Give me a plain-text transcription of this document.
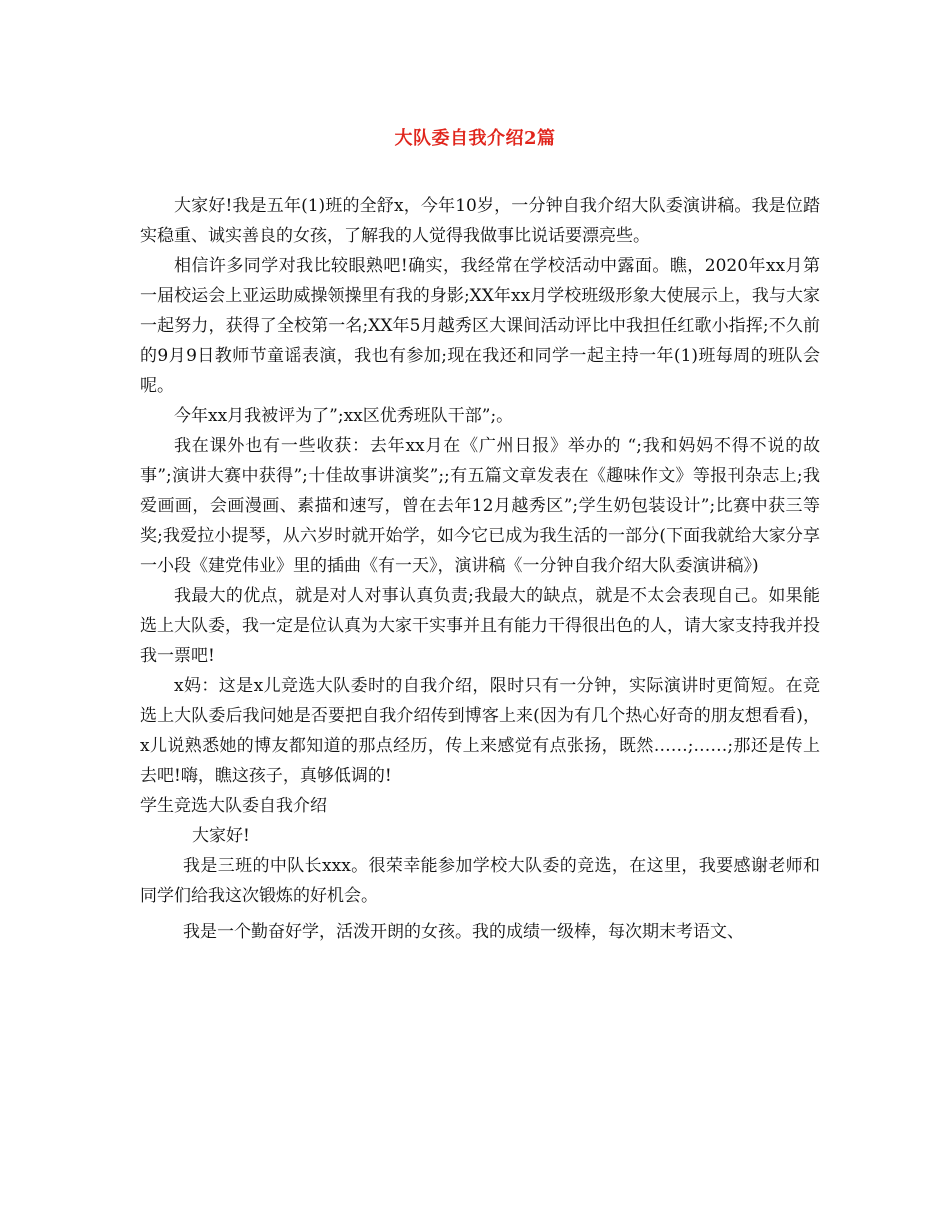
大队委自我介绍2篇

大家好!我是五年(1)班的全舒x，今年10岁，一分钟自我介绍大队委演讲稿。我是位踏实稳重、诚实善良的女孩，了解我的人觉得我做事比说话要漂亮些。

相信许多同学对我比较眼熟吧!确实，我经常在学校活动中露面。瞧，2020年xx月第一届校运会上亚运助威操领操里有我的身影;XX年xx月学校班级形象大使展示上，我与大家一起努力，获得了全校第一名;XX年5月越秀区大课间活动评比中我担任红歌小指挥;不久前的9月9日教师节童谣表演，我也有参加;现在我还和同学一起主持一年(1)班每周的班队会呢。

今年xx月我被评为了”;xx区优秀班队干部”;。

我在课外也有一些收获：去年xx月在《广州日报》举办的 “;我和妈妈不得不说的故事”;演讲大赛中获得”;十佳故事讲演奖”;;有五篇文章发表在《趣味作文》等报刊杂志上;我爱画画，会画漫画、素描和速写，曾在去年12月越秀区”;学生奶包装设计”;比赛中获三等奖;我爱拉小提琴，从六岁时就开始学，如今它已成为我生活的一部分(下面我就给大家分享一小段《建党伟业》里的插曲《有一天》，演讲稿《一分钟自我介绍大队委演讲稿》)

我最大的优点，就是对人对事认真负责;我最大的缺点，就是不太会表现自己。如果能选上大队委，我一定是位认真为大家干实事并且有能力干得很出色的人，请大家支持我并投我一票吧!

x妈：这是x儿竞选大队委时的自我介绍，限时只有一分钟，实际演讲时更简短。在竞选上大队委后我问她是否要把自我介绍传到博客上来(因为有几个热心好奇的朋友想看看)，x儿说熟悉她的博友都知道的那点经历，传上来感觉有点张扬，既然……;……;那还是传上去吧!嗨，瞧这孩子，真够低调的!

学生竞选大队委自我介绍

大家好!

我是三班的中队长xxx。很荣幸能参加学校大队委的竞选，在这里，我要感谢老师和同学们给我这次锻炼的好机会。

我是一个勤奋好学，活泼开朗的女孩。我的成绩一级棒，每次期末考语文、
